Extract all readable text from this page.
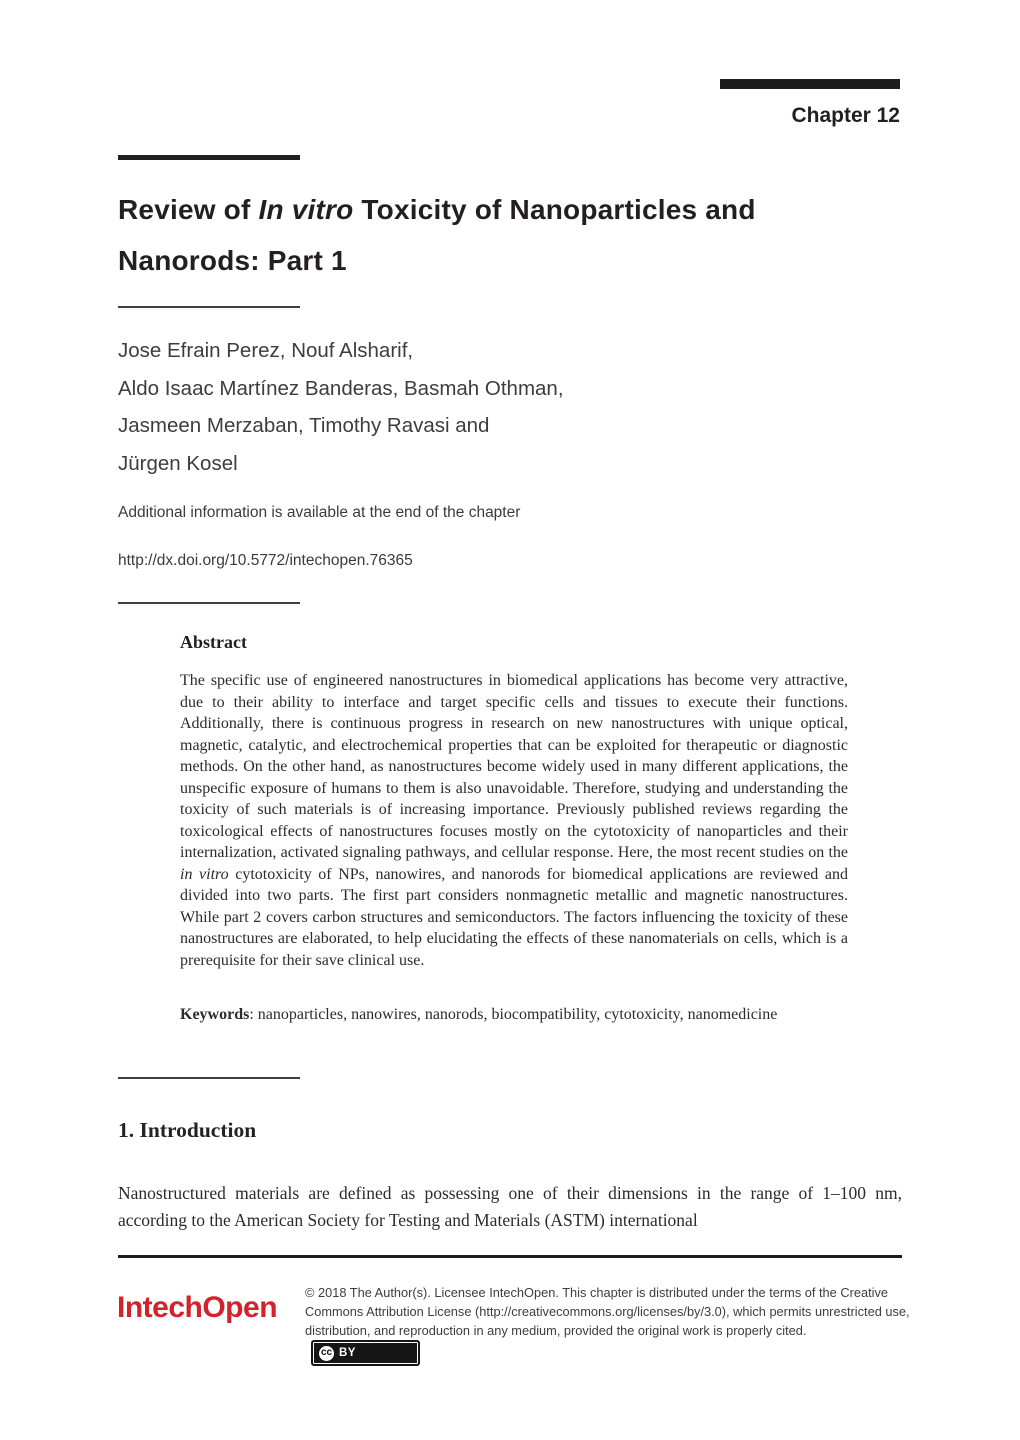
Chapter 12
Review of In vitro Toxicity of Nanoparticles and Nanorods: Part 1
Jose Efrain Perez, Nouf Alsharif,
Aldo Isaac Martínez Banderas, Basmah Othman,
Jasmeen Merzaban, Timothy Ravasi and
Jürgen Kosel
Additional information is available at the end of the chapter
http://dx.doi.org/10.5772/intechopen.76365
Abstract

The specific use of engineered nanostructures in biomedical applications has become very attractive, due to their ability to interface and target specific cells and tissues to execute their functions. Additionally, there is continuous progress in research on new nanostructures with unique optical, magnetic, catalytic, and electrochemical properties that can be exploited for therapeutic or diagnostic methods. On the other hand, as nanostructures become widely used in many different applications, the unspecific exposure of humans to them is also unavoidable. Therefore, studying and understanding the toxicity of such materials is of increasing importance. Previously published reviews regarding the toxicological effects of nanostructures focuses mostly on the cytotoxicity of nanoparticles and their internalization, activated signaling pathways, and cellular response. Here, the most recent studies on the in vitro cytotoxicity of NPs, nanowires, and nanorods for biomedical applications are reviewed and divided into two parts. The first part considers nonmagnetic metallic and magnetic nanostructures. While part 2 covers carbon structures and semiconductors. The factors influencing the toxicity of these nanostructures are elaborated, to help elucidating the effects of these nanomaterials on cells, which is a prerequisite for their save clinical use.

Keywords: nanoparticles, nanowires, nanorods, biocompatibility, cytotoxicity, nanomedicine

1. Introduction

Nanostructured materials are defined as possessing one of their dimensions in the range of 1–100 nm, according to the American Society for Testing and Materials (ASTM) international

IntechOpen © 2018 The Author(s). Licensee IntechOpen. This chapter is distributed under the terms of the Creative Commons Attribution License (http://creativecommons.org/licenses/by/3.0), which permits unrestricted use, distribution, and reproduction in any medium, provided the original work is properly cited.
cc BY
